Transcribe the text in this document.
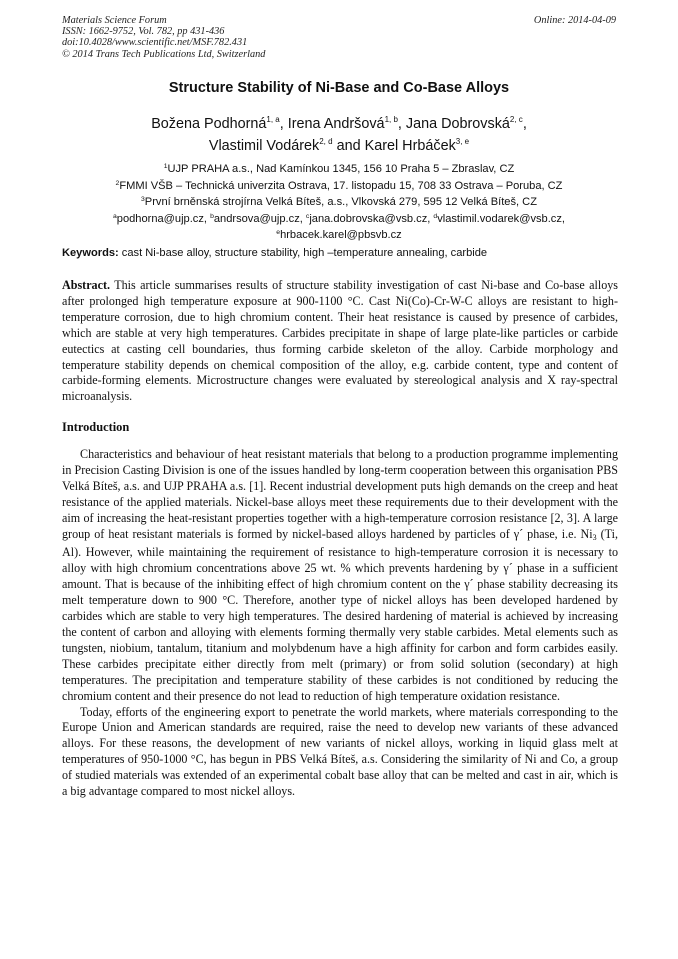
Materials Science Forum
ISSN: 1662-9752, Vol. 782, pp 431-436
doi:10.4028/www.scientific.net/MSF.782.431
© 2014 Trans Tech Publications Ltd, Switzerland
Online: 2014-04-09
Structure Stability of Ni-Base and Co-Base Alloys
Božena Podhorná$^{1, a}$, Irena Andršová$^{1, b}$, Jana Dobrovská$^{2, c}$,
Vlastimil Vodárek$^{2, d}$ and Karel Hrbáček$^{3, e}$
$^1$UJP PRAHA a.s., Nad Kamínkou 1345, 156 10 Praha 5 – Zbraslav, CZ
$^2$FMMI VŠB – Technická univerzita Ostrava, 17. listopadu 15, 708 33 Ostrava – Poruba, CZ
$^3$První brněnská strojírna Velká Bíteš, a.s., Vlkovská 279, 595 12 Velká Bíteš, CZ
$^a$podhorna@ujp.cz, $^b$andrsova@ujp.cz, $^c$jana.dobrovska@vsb.cz, $^d$vlastimil.vodarek@vsb.cz,
$^e$hrbacek.karel@pbsvb.cz
Keywords: cast Ni-base alloy, structure stability, high –temperature annealing, carbide
Abstract. This article summarises results of structure stability investigation of cast Ni-base and Co-base alloys after prolonged high temperature exposure at 900-1100 °C. Cast Ni(Co)-Cr-W-C alloys are resistant to high-temperature corrosion, due to high chromium content. Their heat resistance is caused by presence of carbides, which are stable at very high temperatures. Carbides precipitate in shape of large plate-like particles or carbide eutectics at casting cell boundaries, thus forming carbide skeleton of the alloy. Carbide morphology and temperature stability depends on chemical composition of the alloy, e.g. carbide content, type and content of carbide-forming elements. Microstructure changes were evaluated by stereological analysis and X ray-spectral microanalysis.
Introduction

Characteristics and behaviour of heat resistant materials that belong to a production programme implementing in Precision Casting Division is one of the issues handled by long-term cooperation between this organisation PBS Velká Bíteš, a.s. and UJP PRAHA a.s. [1]. Recent industrial development puts high demands on the creep and heat resistance of the applied materials. Nickel-base alloys meet these requirements due to their development with the aim of increasing the heat-resistant properties together with a high-temperature corrosion resistance [2, 3]. A large group of heat resistant materials is formed by nickel-based alloys hardened by particles of γ´ phase, i.e. $Ni_3$ (Ti, Al). However, while maintaining the requirement of resistance to high-temperature corrosion it is necessary to alloy with high chromium concentrations above 25 wt. % which prevents hardening by γ´ phase in a sufficient amount. That is because of the inhibiting effect of high chromium content on the γ´ phase stability decreasing its melt temperature down to 900 °C. Therefore, another type of nickel alloys has been developed hardened by carbides which are stable to very high temperatures. The desired hardening of material is achieved by increasing the content of carbon and alloying with elements forming thermally very stable carbides. Metal elements such as tungsten, niobium, tantalum, titanium and molybdenum have a high affinity for carbon and form carbides easily. These carbides precipitate either directly from melt (primary) or from solid solution (secondary) at high temperatures. The precipitation and temperature stability of these carbides is not conditioned by reducing the chromium content and their presence do not lead to reduction of high temperature oxidation resistance.

Today, efforts of the engineering export to penetrate the world markets, where materials corresponding to the Europe Union and American standards are required, raise the need to develop new variants of these advanced alloys. For these reasons, the development of new variants of nickel alloys, working in liquid glass melt at temperatures of 950-1000 °C, has begun in PBS Velká Bíteš, a.s. Considering the similarity of Ni and Co, a group of studied materials was extended of an experimental cobalt base alloy that can be melted and cast in air, which is a big advantage compared to most nickel alloys.
